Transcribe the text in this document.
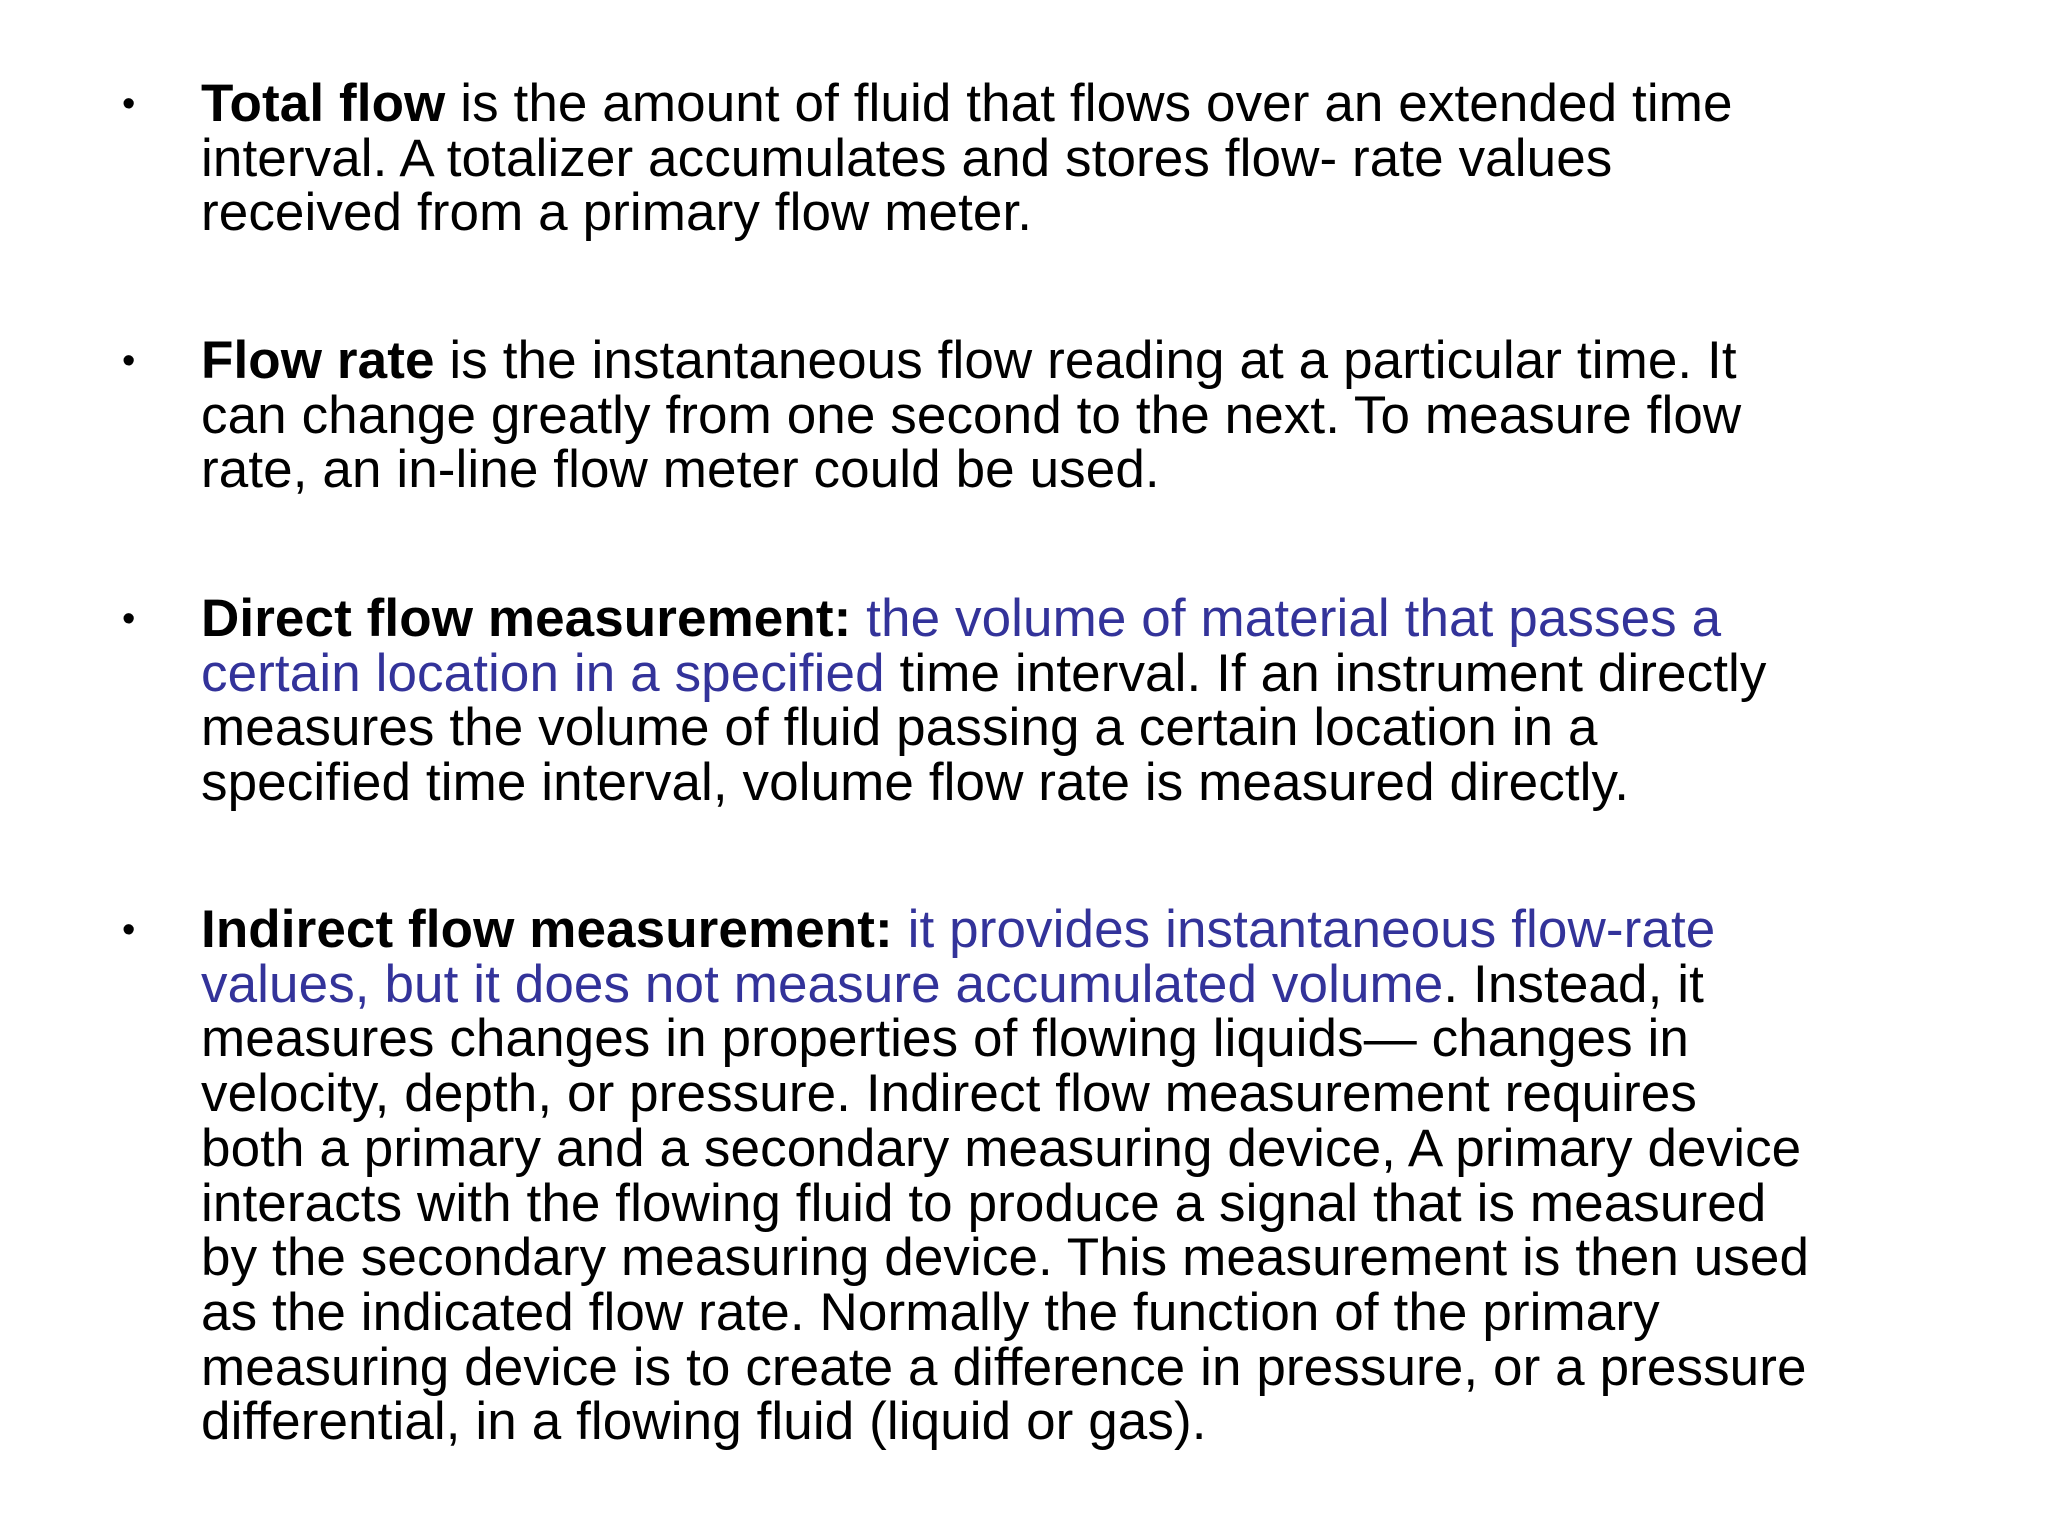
• Total flow is the amount of fluid that flows over an extended time
interval. A totalizer accumulates and stores flow- rate values
received from a primary flow meter.
• Flow rate is the instantaneous flow reading at a particular time. It
can change greatly from one second to the next. To measure flow
rate, an in-line flow meter could be used.
• Direct flow measurement: the volume of material that passes a
certain location in a specified time interval. If an instrument directly
measures the volume of fluid passing a certain location in a
specified time interval, volume flow rate is measured directly.
• Indirect flow measurement: it provides instantaneous flow-rate
values, but it does not measure accumulated volume. Instead, it
measures changes in properties of flowing liquids— changes in
velocity, depth, or pressure. Indirect flow measurement requires
both a primary and a secondary measuring device, A primary device
interacts with the flowing fluid to produce a signal that is measured
by the secondary measuring device. This measurement is then used
as the indicated flow rate. Normally the function of the primary
measuring device is to create a difference in pressure, or a pressure
differential, in a flowing fluid (liquid or gas).
